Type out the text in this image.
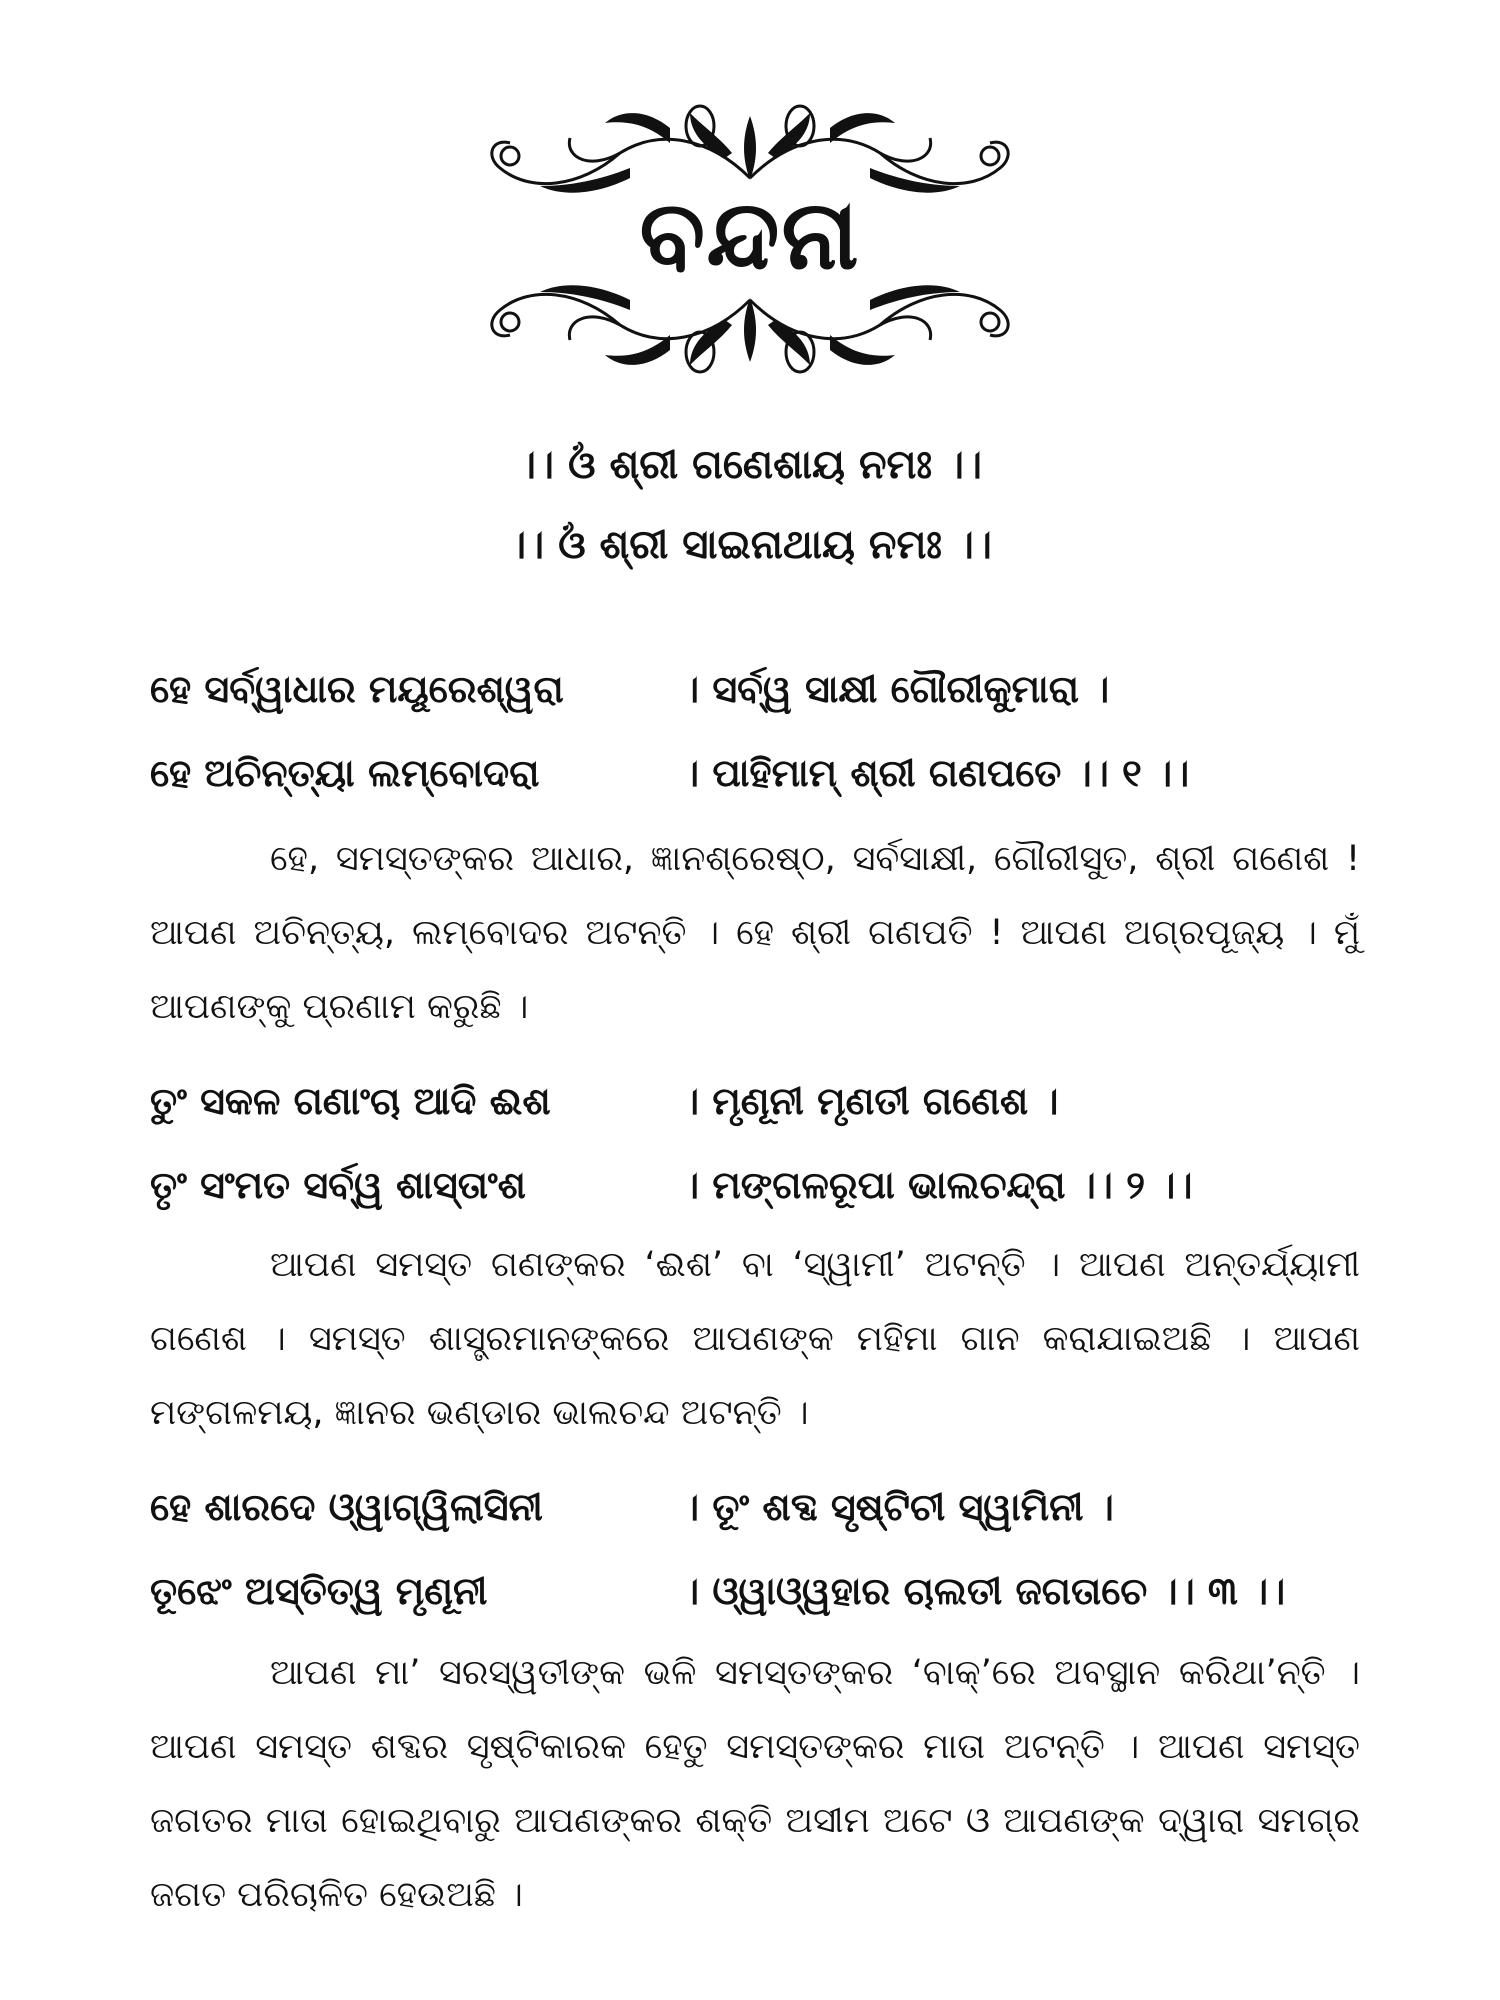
ବନ୍ଦନା
।। ଓଁ ଶ୍ରୀ ଗଣେଶାୟ ନମଃ ।।
।। ଓଁ ଶ୍ରୀ ସାଇନାଥାୟ ନମଃ ।।
ହେ ସର୍ବ୍ୱାଧାର ମୟୂରେଶ୍ୱରା	। ସର୍ବ୍ୱ ସାକ୍ଷୀ ଗୌରୀକୁମାରା ।
ହେ ଅଚିନ୍ତ୍ୟା ଲମ୍ବୋଦରା	। ପାହିମାମ୍ ଶ୍ରୀ ଗଣପତେ ।। ୧ ।।
ହେ, ସମସ୍ତଙ୍କର ଆଧାର, ଜ୍ଞାନଶ୍ରେଷ୍ଠ, ସର୍ବସାକ୍ଷୀ, ଗୌରୀସୁତ, ଶ୍ରୀ ଗଣେଶ ! ଆପଣ ଅଚିନ୍ତ୍ୟ, ଲମ୍ବୋଦର ଅଟନ୍ତି । ହେ ଶ୍ରୀ ଗଣପତି ! ଆପଣ ଅଗ୍ରପୂଜ୍ୟ । ମୁଁ ଆପଣଙ୍କୁ ପ୍ରଣାମ କରୁଛି ।
ତୁଂ ସକଳ ଗଣାଂଚା ଆଦି ଈଶ	। ମୃଣୂନୀ ମୃଣତୀ ଗଣେଶ ।
ତୃଂ ସଂମତ ସର୍ବ୍ୱ ଶାସ୍ତାଂଶ	। ମଙ୍ଗଳରୂପା ଭାଲଚନ୍ଦ୍ରା ।। ୨ ।।
ଆପଣ ସମସ୍ତ ଗଣଙ୍କର ‘ଈଶ’ ବା ‘ସ୍ୱାମୀ’ ଅଟନ୍ତି । ଆପଣ ଅନ୍ତର୍ଯ୍ୟାମୀ ଗଣେଶ । ସମସ୍ତ ଶାସ୍ତ୍ରମାନଙ୍କରେ ଆପଣଙ୍କ ମହିମା ଗାନ କରାଯାଇଅଛି । ଆପଣ ମଙ୍ଗଳମୟ, ଜ୍ଞାନର ଭଣ୍ଡାର ଭାଲଚନ୍ଦ ଅଟନ୍ତି ।
ହେ ଶାରଦେ ଓ୍ୱାଗ୍ୱିଲାସିନୀ	। ତୂଂ ଶବ୍ଦ ସୃଷ୍ଟିଚୀ ସ୍ୱାମିନୀ ।
ତୂଝେଂ ଅସ୍ତିତ୍ୱ ମୃଣୂନୀ	। ଓ୍ୱାଓ୍ୱହାର ଚାଲତୀ ଜଗତାଚେ ।। ୩ ।।
ଆପଣ ମା’ ସରସ୍ୱତୀଙ୍କ ଭଳି ସମସ୍ତଙ୍କର ‘ବାକ୍’ରେ ଅବସ୍ଥାନ କରିଥା’ନ୍ତି । ଆପଣ ସମସ୍ତ ଶବ୍ଦର ସୃଷ୍ଟିକାରକ ହେତୁ ସମସ୍ତଙ୍କର ମାତା ଅଟନ୍ତି । ଆପଣ ସମସ୍ତ ଜଗତର ମାତା ହୋଇଥିବାରୁ ଆପଣଙ୍କର ଶକ୍ତି ଅସୀମ ଅଟେ ଓ ଆପଣଙ୍କ ଦ୍ୱାରା ସମଗ୍ର ଜଗତ ପରିଚାଳିତ ହେଉଅଛି ।
